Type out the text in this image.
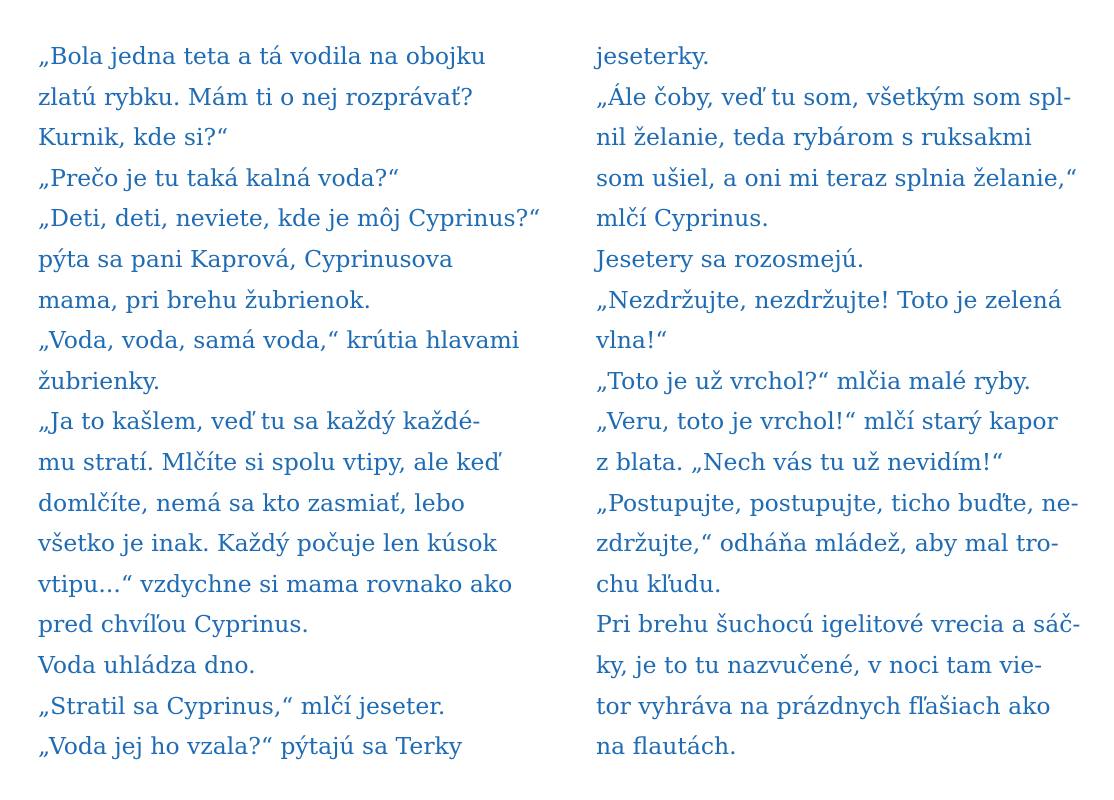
„Bola jedna teta a tá vodila na obojku
zlatú rybku. Mám ti o nej rozprávať?
Kurnik, kde si?“
„Prečo je tu taká kalná voda?“
„Deti, deti, neviete, kde je môj Cyprinus?“
pýta sa pani Kaprová, Cyprinusova
mama, pri brehu žubrienok.
„Voda, voda, samá voda,“ krútia hlavami
žubrienky.
„Ja to kašlem, veď tu sa každý každé-
mu stratí. Mlčíte si spolu vtipy, ale keď
domlčíte, nemá sa kto zasmiať, lebo
všetko je inak. Každý počuje len kúsok
vtipu...“ vzdychne si mama rovnako ako
pred chvíľou Cyprinus.
Voda uhládza dno.
„Stratil sa Cyprinus,“ mlčí jeseter.
„Voda jej ho vzala?“ pýtajú sa Terky
jeseterky.
„Ále čoby, veď tu som, všetkým som spl-
nil želanie, teda rybárom s ruksakmi
som ušiel, a oni mi teraz splnia želanie,“
mlčí Cyprinus.
Jesetery sa rozosmejú.
„Nezdržujte, nezdržujte! Toto je zelená
vlna!“
„Toto je už vrchol?“ mlčia malé ryby.
„Veru, toto je vrchol!“ mlčí starý kapor
z blata. „Nech vás tu už nevidím!“
„Postupujte, postupujte, ticho buďte, ne-
zdržujte,“ odháňa mládež, aby mal tro-
chu kľudu.
Pri brehu šuchocú igelitové vrecia a sáč-
ky, je to tu nazvučené, v noci tam vie-
tor vyhráva na prázdnych fľašiach ako
na flautách.
